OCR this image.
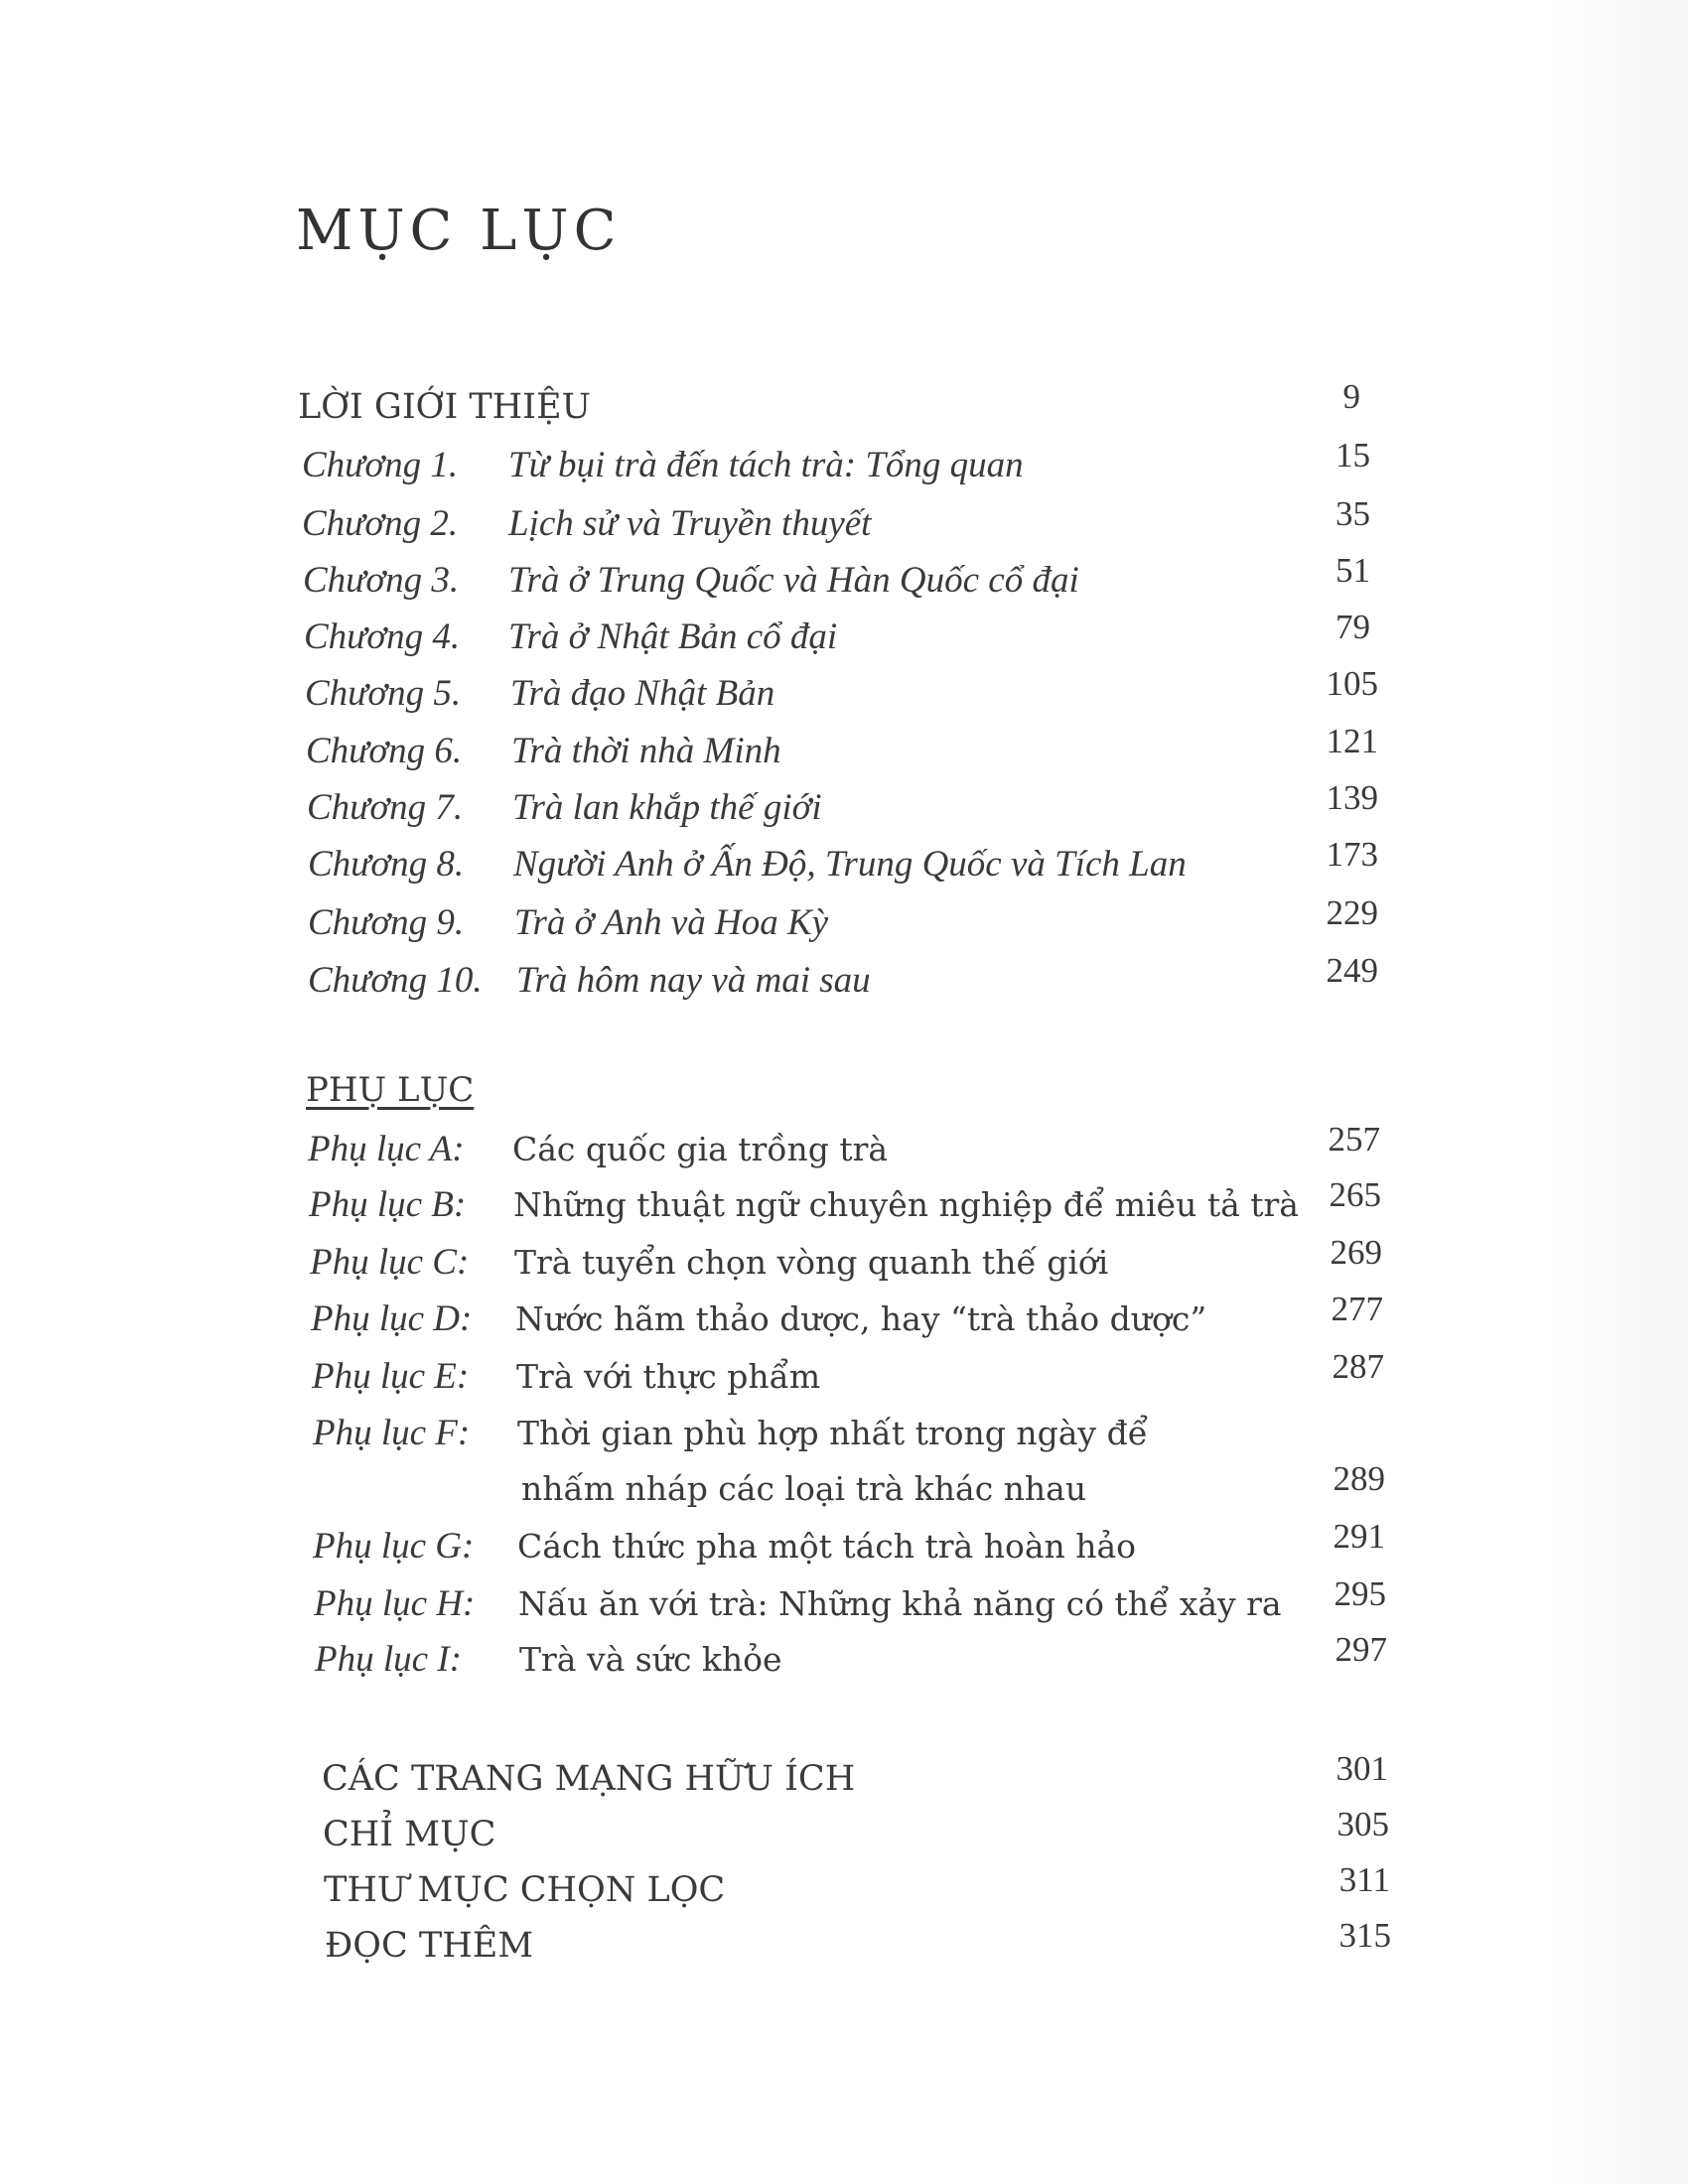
MỤC LỤC
LỜI GIỚI THIỆU	9
Chương 1. Từ bụi trà đến tách trà: Tổng quan	15
Chương 2. Lịch sử và Truyền thuyết	35
Chương 3. Trà ở Trung Quốc và Hàn Quốc cổ đại	51
Chương 4. Trà ở Nhật Bản cổ đại	79
Chương 5. Trà đạo Nhật Bản	105
Chương 6. Trà thời nhà Minh	121
Chương 7. Trà lan khắp thế giới	139
Chương 8. Người Anh ở Ấn Độ, Trung Quốc và Tích Lan	173
Chương 9. Trà ở Anh và Hoa Kỳ	229
Chương 10. Trà hôm nay và mai sau	249
PHỤ LỤC
Phụ lục A: Các quốc gia trồng trà	257
Phụ lục B: Những thuật ngữ chuyên nghiệp để miêu tả trà 265
Phụ lục C: Trà tuyển chọn vòng quanh thế giới	269
Phụ lục D: Nước hãm thảo dược, hay “trà thảo dược”	277
Phụ lục E: Trà với thực phẩm	287
Phụ lục F: Thời gian phù hợp nhất trong ngày để
nhấm nháp các loại trà khác nhau	289
Phụ lục G: Cách thức pha một tách trà hoàn hảo	291
Phụ lục H: Nấu ăn với trà: Những khả năng có thể xảy ra	295
Phụ lục I: Trà và sức khỏe	297
CÁC TRANG MẠNG HỮU ÍCH	301
CHỈ MỤC	305
THƯ MỤC CHỌN LỌC	311
ĐỌC THÊM	315
